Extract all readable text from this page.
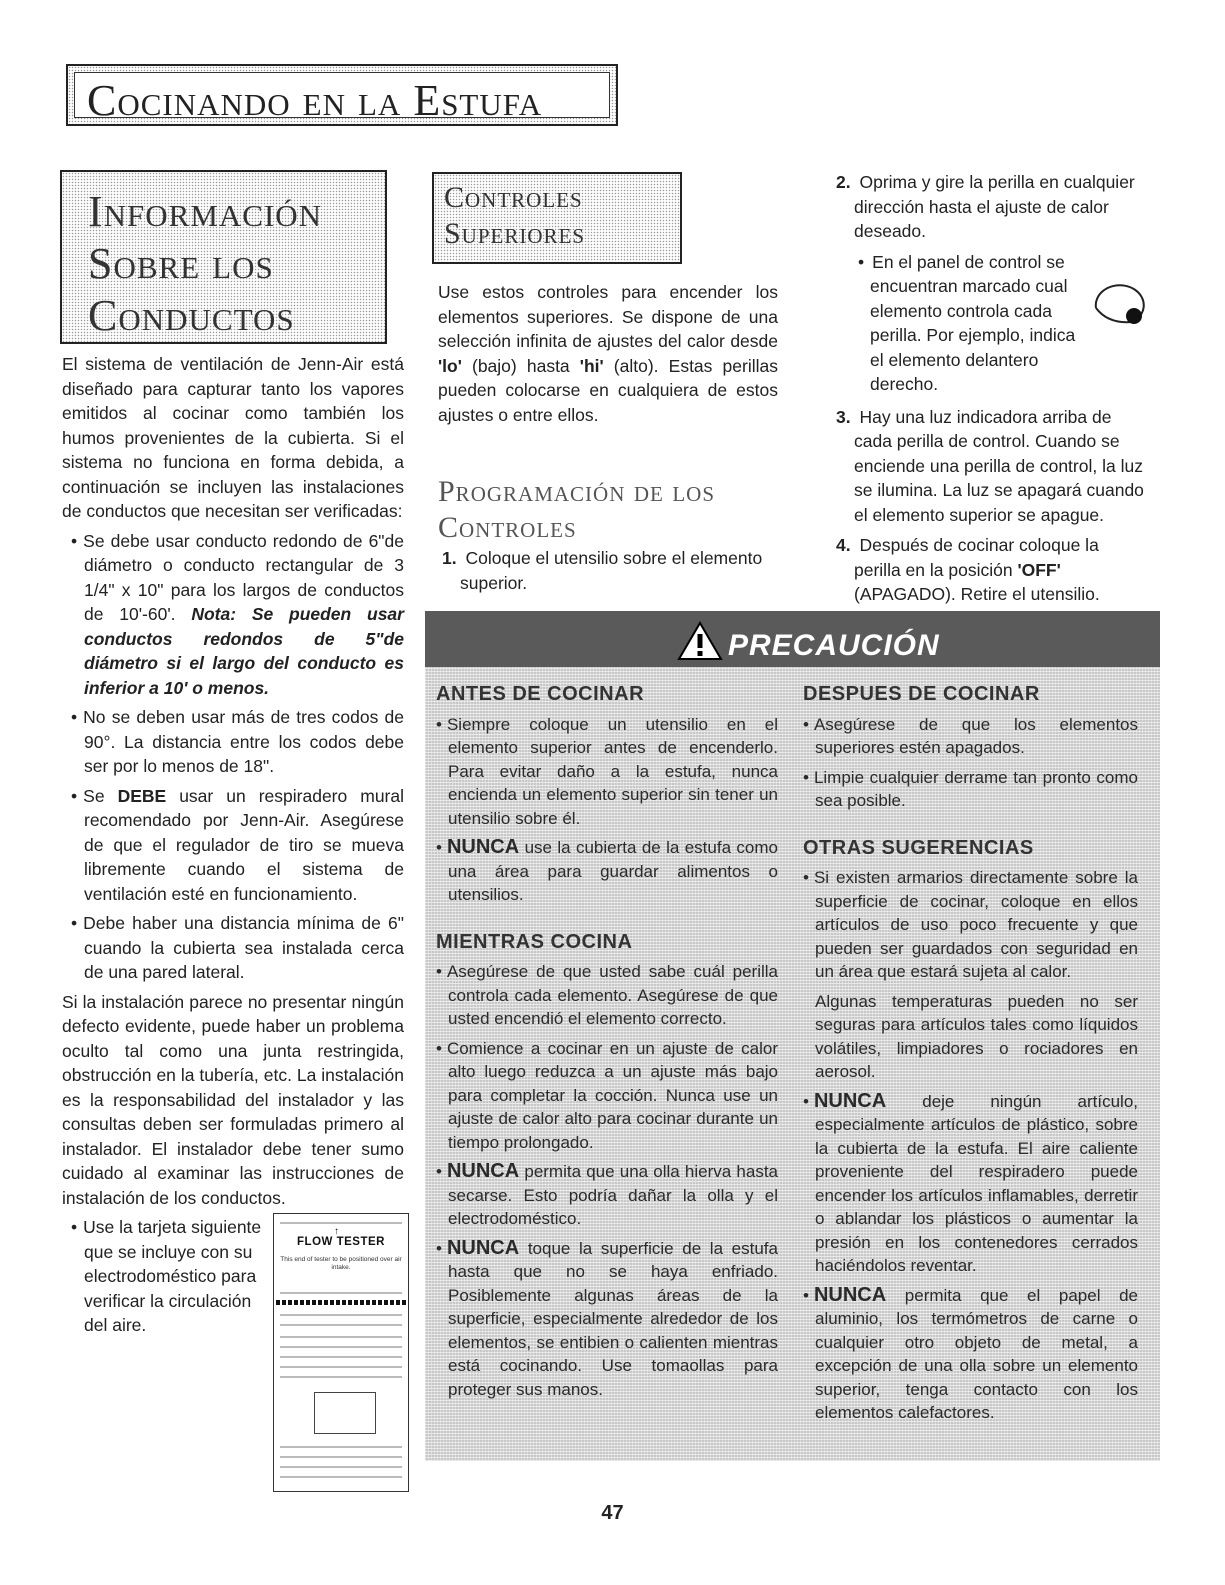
Cocinando en la Estufa
Información
Sobre los
Conductos
Controles
Superiores

El sistema de ventilación de Jenn-Air está diseñado para capturar tanto los vapores emitidos al cocinar como también los humos provenientes de la cubierta. Si el sistema no funciona en forma debida, a continuación se incluyen las instalaciones de conductos que necesitan ser verificadas:

• Se debe usar conducto redondo de 6"de diámetro o conducto rectangular de 3 1/4" x 10" para los largos de conductos de 10'-60'. Nota: Se pueden usar conductos redondos de 5"de diámetro si el largo del conducto es inferior a 10' o menos.
• No se deben usar más de tres codos de 90°. La distancia entre los codos debe ser por lo menos de 18".
• Se DEBE usar un respiradero mural recomendado por Jenn-Air. Asegúrese de que el regulador de tiro se mueva libremente cuando el sistema de ventilación esté en funcionamiento.
• Debe haber una distancia mínima de 6" cuando la cubierta sea instalada cerca de una pared lateral.

Si la instalación parece no presentar ningún defecto evidente, puede haber un problema oculto tal como una junta restringida, obstrucción en la tubería, etc. La instalación es la responsabilidad del instalador y las consultas deben ser formuladas primero al instalador. El instalador debe tener sumo cuidado al examinar las instrucciones de instalación de los conductos.

• Use la tarjeta siguiente que se incluye con su electrodoméstico para verificar la circulación del aire.
↑
FLOW TESTER
This end of tester to be positioned over air intake.

Use estos controles para encender los elementos superiores. Se dispone de una selección infinita de ajustes del calor desde 'lo' (bajo) hasta 'hi' (alto). Estas perillas pueden colocarse en cualquiera de estos ajustes o entre ellos.

Programación de los
Controles
1. Coloque el utensilio sobre el elemento superior.
2. Oprima y gire la perilla en cualquier dirección hasta el ajuste de calor deseado.
• En el panel de control se encuentran marcado cual elemento controla cada perilla. Por ejemplo, indica el elemento delantero derecho.
3. Hay una luz indicadora arriba de cada perilla de control. Cuando se enciende una perilla de control, la luz se ilumina. La luz se apagará cuando el elemento superior se apague.
4. Después de cocinar coloque la perilla en la posición 'OFF' (APAGADO). Retire el utensilio.
PRECAUCIÓN
ANTES DE COCINAR
• Siempre coloque un utensilio en el elemento superior antes de encenderlo. Para evitar daño a la estufa, nunca encienda un elemento superior sin tener un utensilio sobre él.
• NUNCA use la cubierta de la estufa como una área para guardar alimentos o utensilios.
MIENTRAS COCINA
• Asegúrese de que usted sabe cuál perilla controla cada elemento. Asegúrese de que usted encendió el elemento correcto.
• Comience a cocinar en un ajuste de calor alto luego reduzca a un ajuste más bajo para completar la cocción. Nunca use un ajuste de calor alto para cocinar durante un tiempo prolongado.
• NUNCA permita que una olla hierva hasta secarse. Esto podría dañar la olla y el electrodoméstico.
• NUNCA toque la superficie de la estufa hasta que no se haya enfriado. Posiblemente algunas áreas de la superficie, especialmente alrededor de los elementos, se entibien o calienten mientras está cocinando. Use tomaollas para proteger sus manos.
DESPUES DE COCINAR
• Asegúrese de que los elementos superiores estén apagados.
• Limpie cualquier derrame tan pronto como sea posible.
OTRAS SUGERENCIAS
• Si existen armarios directamente sobre la superficie de cocinar, coloque en ellos artículos de uso poco frecuente y que pueden ser guardados con seguridad en un área que estará sujeta al calor.
Algunas temperaturas pueden no ser seguras para artículos tales como líquidos volátiles, limpiadores o rociadores en aerosol.
• NUNCA deje ningún artículo, especialmente artículos de plástico, sobre la cubierta de la estufa. El aire caliente proveniente del respiradero puede encender los artículos inflamables, derretir o ablandar los plásticos o aumentar la presión en los contenedores cerrados haciéndolos reventar.
• NUNCA permita que el papel de aluminio, los termómetros de carne o cualquier otro objeto de metal, a excepción de una olla sobre un elemento superior, tenga contacto con los elementos calefactores.
47
